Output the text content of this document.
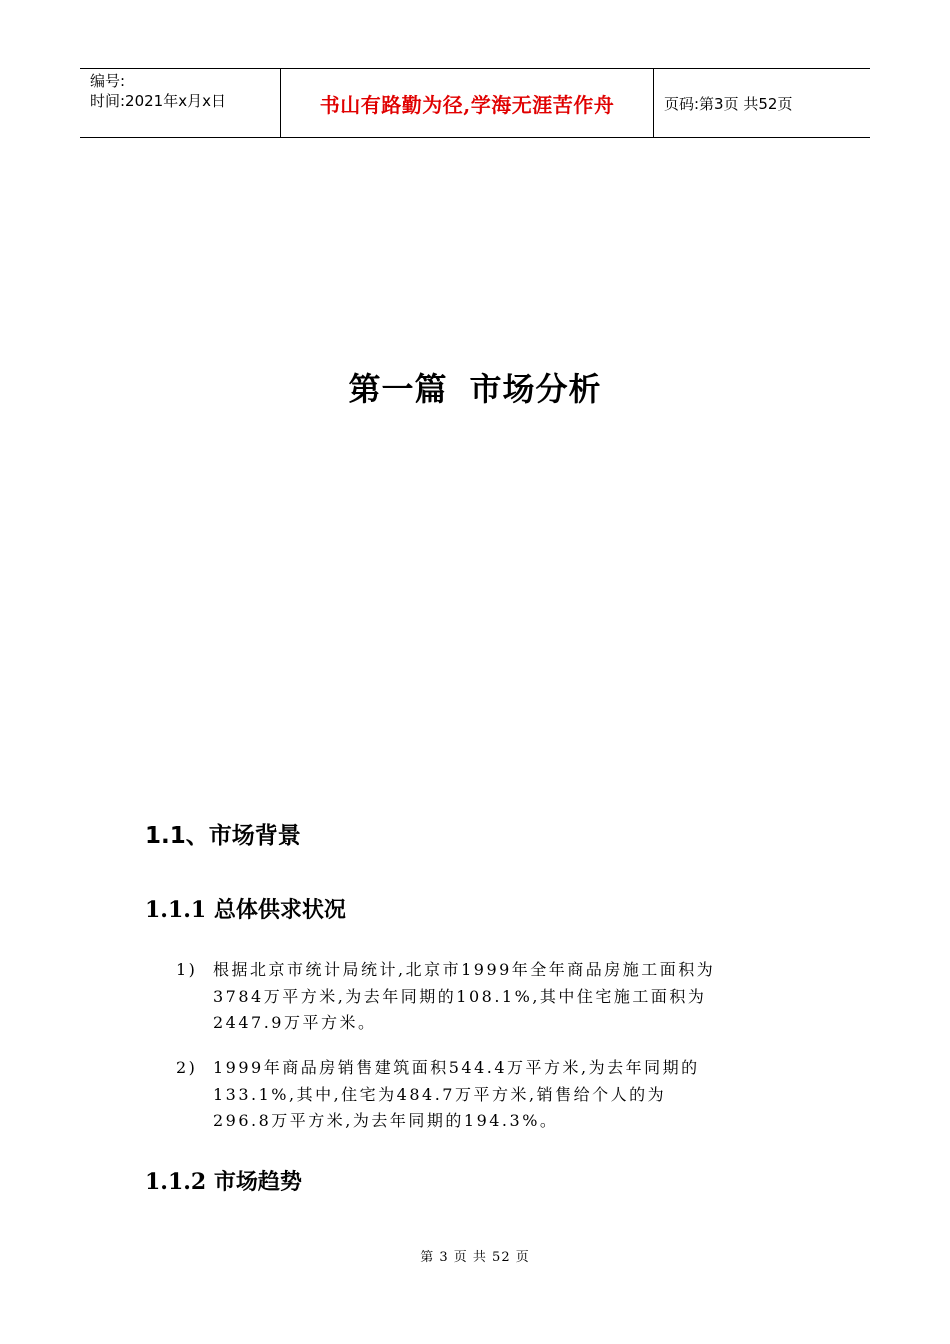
编号:
时间:2021年x月x日	书山有路勤为径,学海无涯苦作舟	页码:第3页 共52页
第一篇 市场分析
1.1、市场背景
1.1.1 总体供求状况
1) 根据北京市统计局统计,北京市1999年全年商品房施工面积为
3784万平方米,为去年同期的108.1%,其中住宅施工面积为
2447.9万平方米。
2) 1999年商品房销售建筑面积544.4万平方米,为去年同期的
133.1%,其中,住宅为484.7万平方米,销售给个人的为
296.8万平方米,为去年同期的194.3%。
1.1.2 市场趋势
第 3 页 共 52 页
